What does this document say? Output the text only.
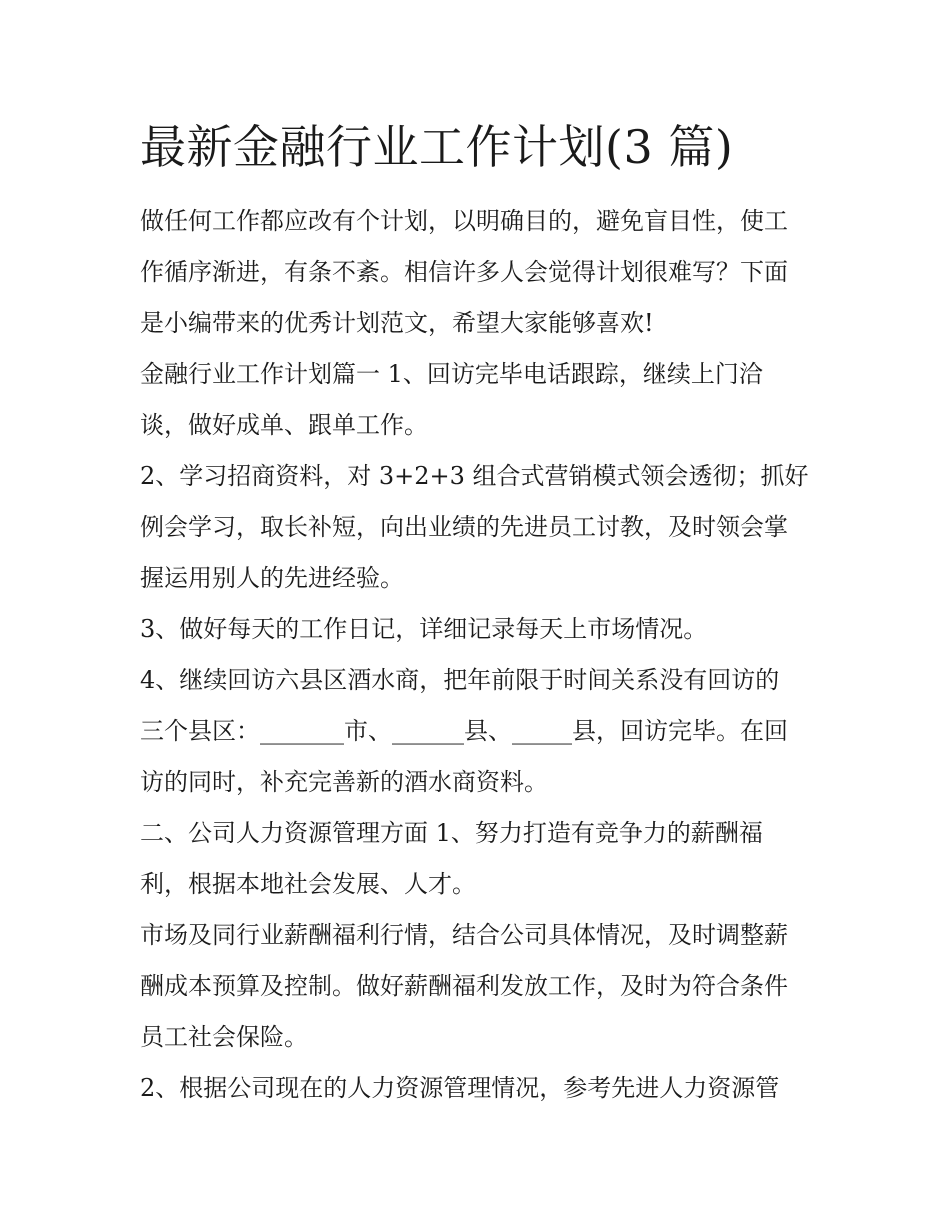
最新金融行业工作计划(3 篇)
做任何工作都应改有个计划，以明确目的，避免盲目性，使工
作循序渐进，有条不紊。相信许多人会觉得计划很难写？下面
是小编带来的优秀计划范文，希望大家能够喜欢!
金融行业工作计划篇一 1、回访完毕电话跟踪，继续上门洽
谈，做好成单、跟单工作。
2、学习招商资料，对 3+2+3 组合式营销模式领会透彻；抓好
例会学习，取长补短，向出业绩的先进员工讨教，及时领会掌
握运用别人的先进经验。
3、做好每天的工作日记，详细记录每天上市场情况。
4、继续回访六县区酒水商，把年前限于时间关系没有回访的
三个县区：_______市、______县、_____县，回访完毕。在回
访的同时，补充完善新的酒水商资料。
二、公司人力资源管理方面 1、努力打造有竞争力的薪酬福
利，根据本地社会发展、人才。
市场及同行业薪酬福利行情，结合公司具体情况，及时调整薪
酬成本预算及控制。做好薪酬福利发放工作，及时为符合条件
员工社会保险。
2、根据公司现在的人力资源管理情况，参考先进人力资源管
